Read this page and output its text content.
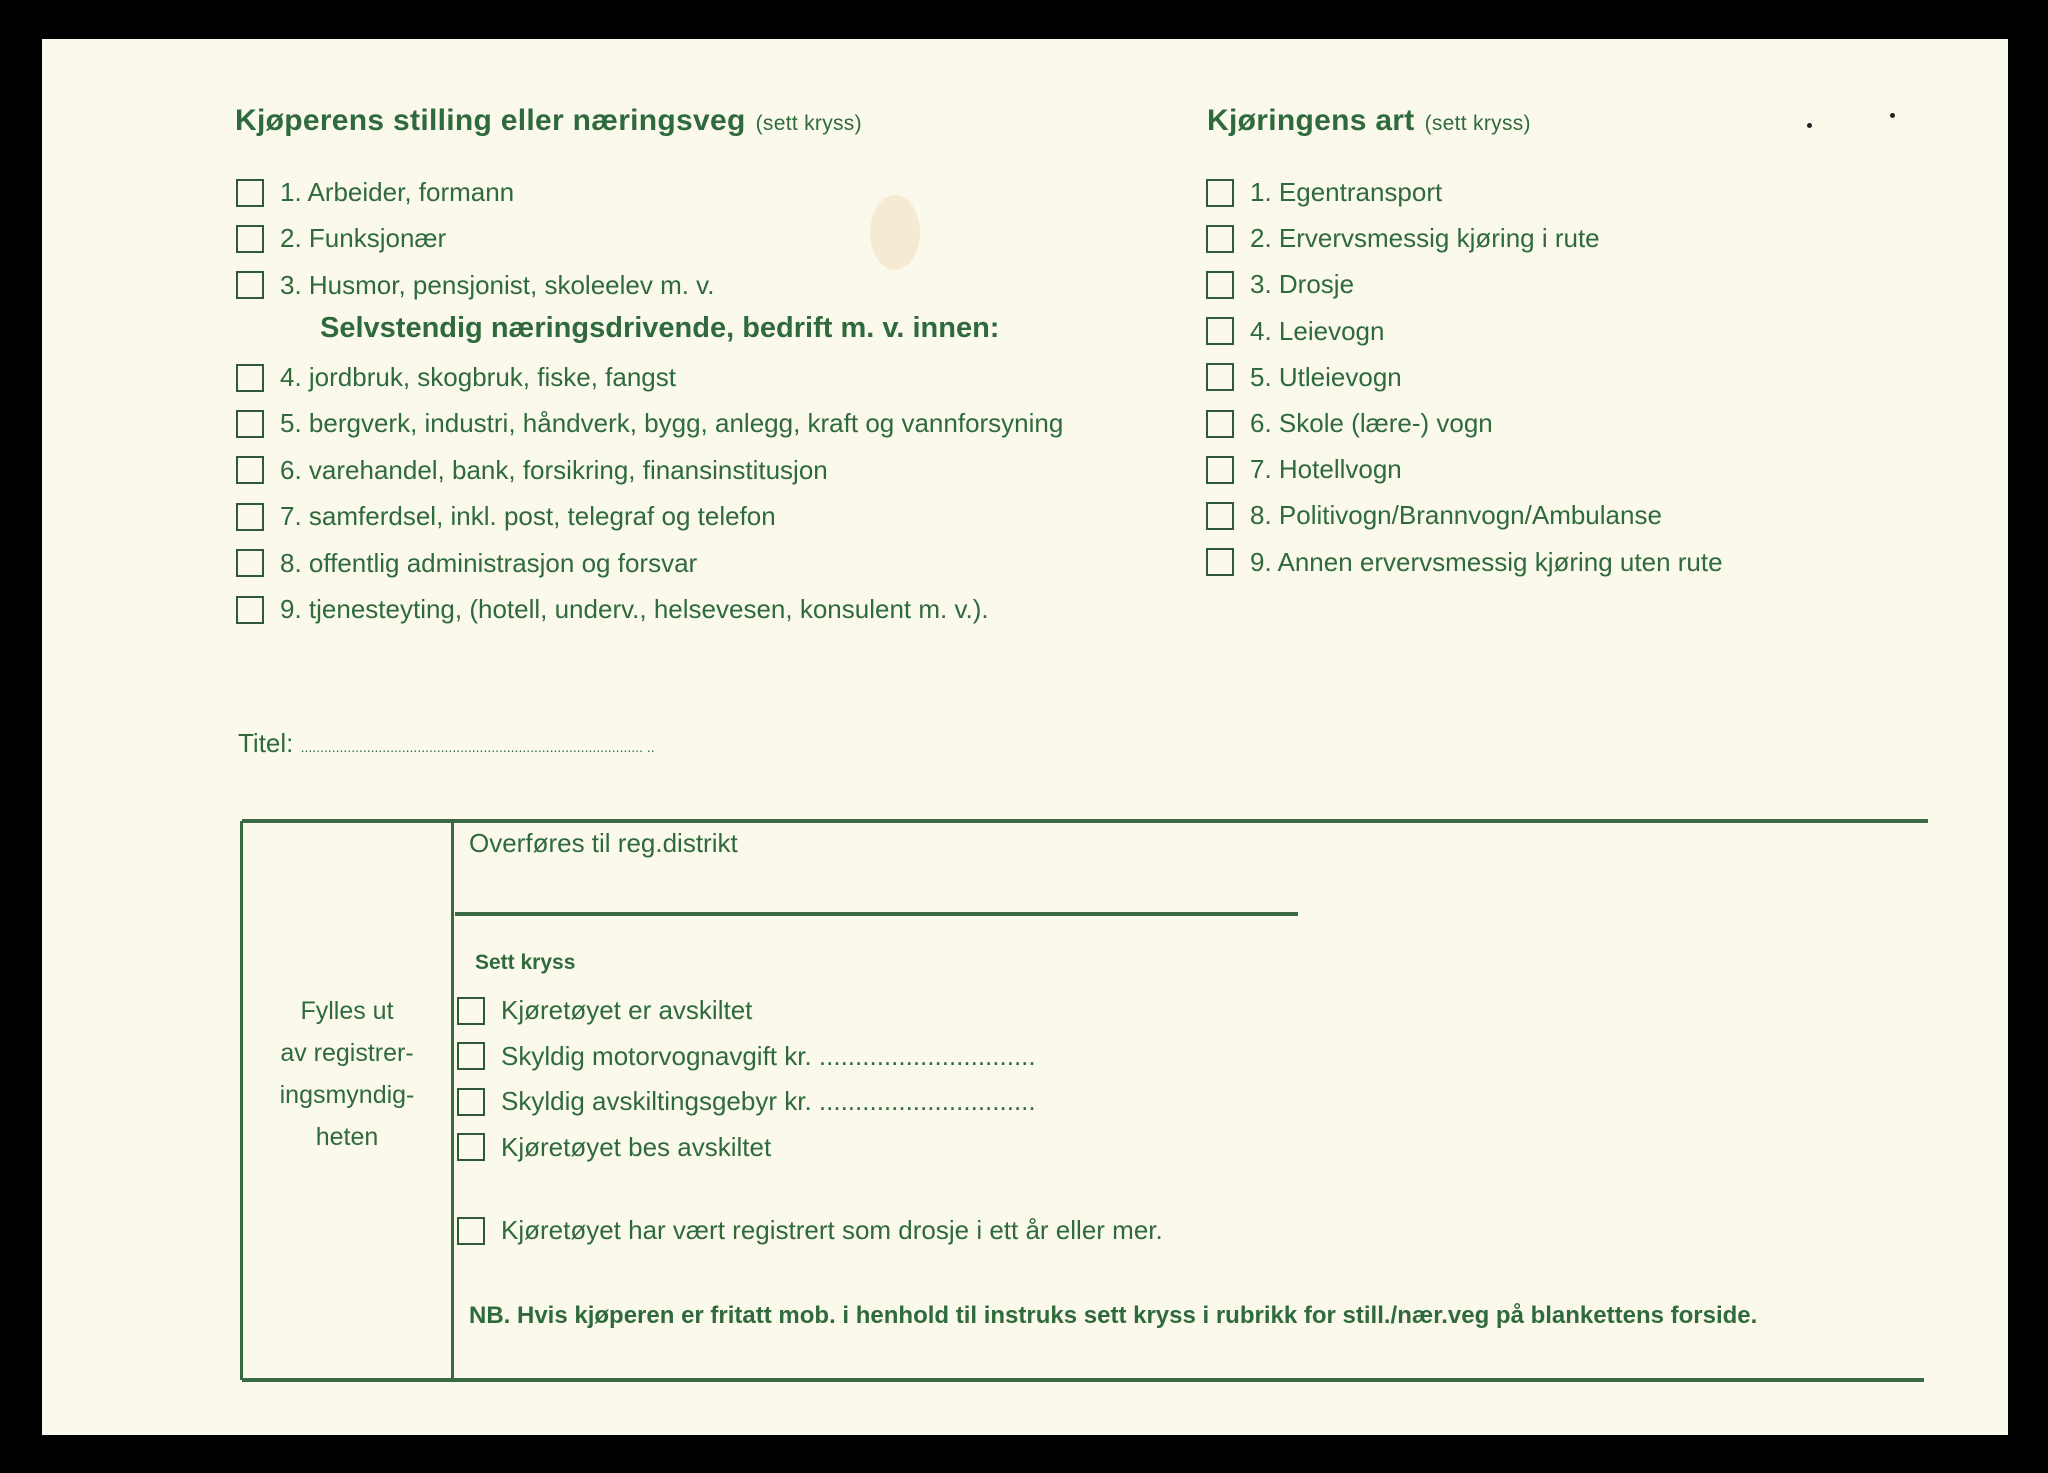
Kjøperens stilling eller næringsveg (sett kryss)
1. Arbeider, formann
2. Funksjonær
3. Husmor, pensjonist, skoleelev m. v.
Selvstendig næringsdrivende, bedrift m. v. innen:
4. jordbruk, skogbruk, fiske, fangst
5. bergverk, industri, håndverk, bygg, anlegg, kraft og vannforsyning
6. varehandel, bank, forsikring, finansinstitusjon
7. samferdsel, inkl. post, telegraf og telefon
8. offentlig administrasjon og forsvar
9. tjenesteyting, (hotell, underv., helsevesen, konsulent m. v.).
Kjøringens art (sett kryss)
1. Egentransport
2. Ervervsmessig kjøring i rute
3. Drosje
4. Leievogn
5. Utleievogn
6. Skole (lære-) vogn
7. Hotellvogn
8. Politivogn/Brannvogn/Ambulanse
9. Annen ervervsmessig kjøring uten rute
Titel: ........................................................................................ ..
Fylles ut
av registrer-
ingsmyndig-
heten
Overføres til reg.distrikt
Sett kryss
Kjøretøyet er avskiltet
Skyldig motorvognavgift kr. ..............................
Skyldig avskiltingsgebyr kr. ..............................
Kjøretøyet bes avskiltet
Kjøretøyet har vært registrert som drosje i ett år eller mer.
NB. Hvis kjøperen er fritatt mob. i henhold til instruks sett kryss i rubrikk for still./nær.veg på blankettens forside.
